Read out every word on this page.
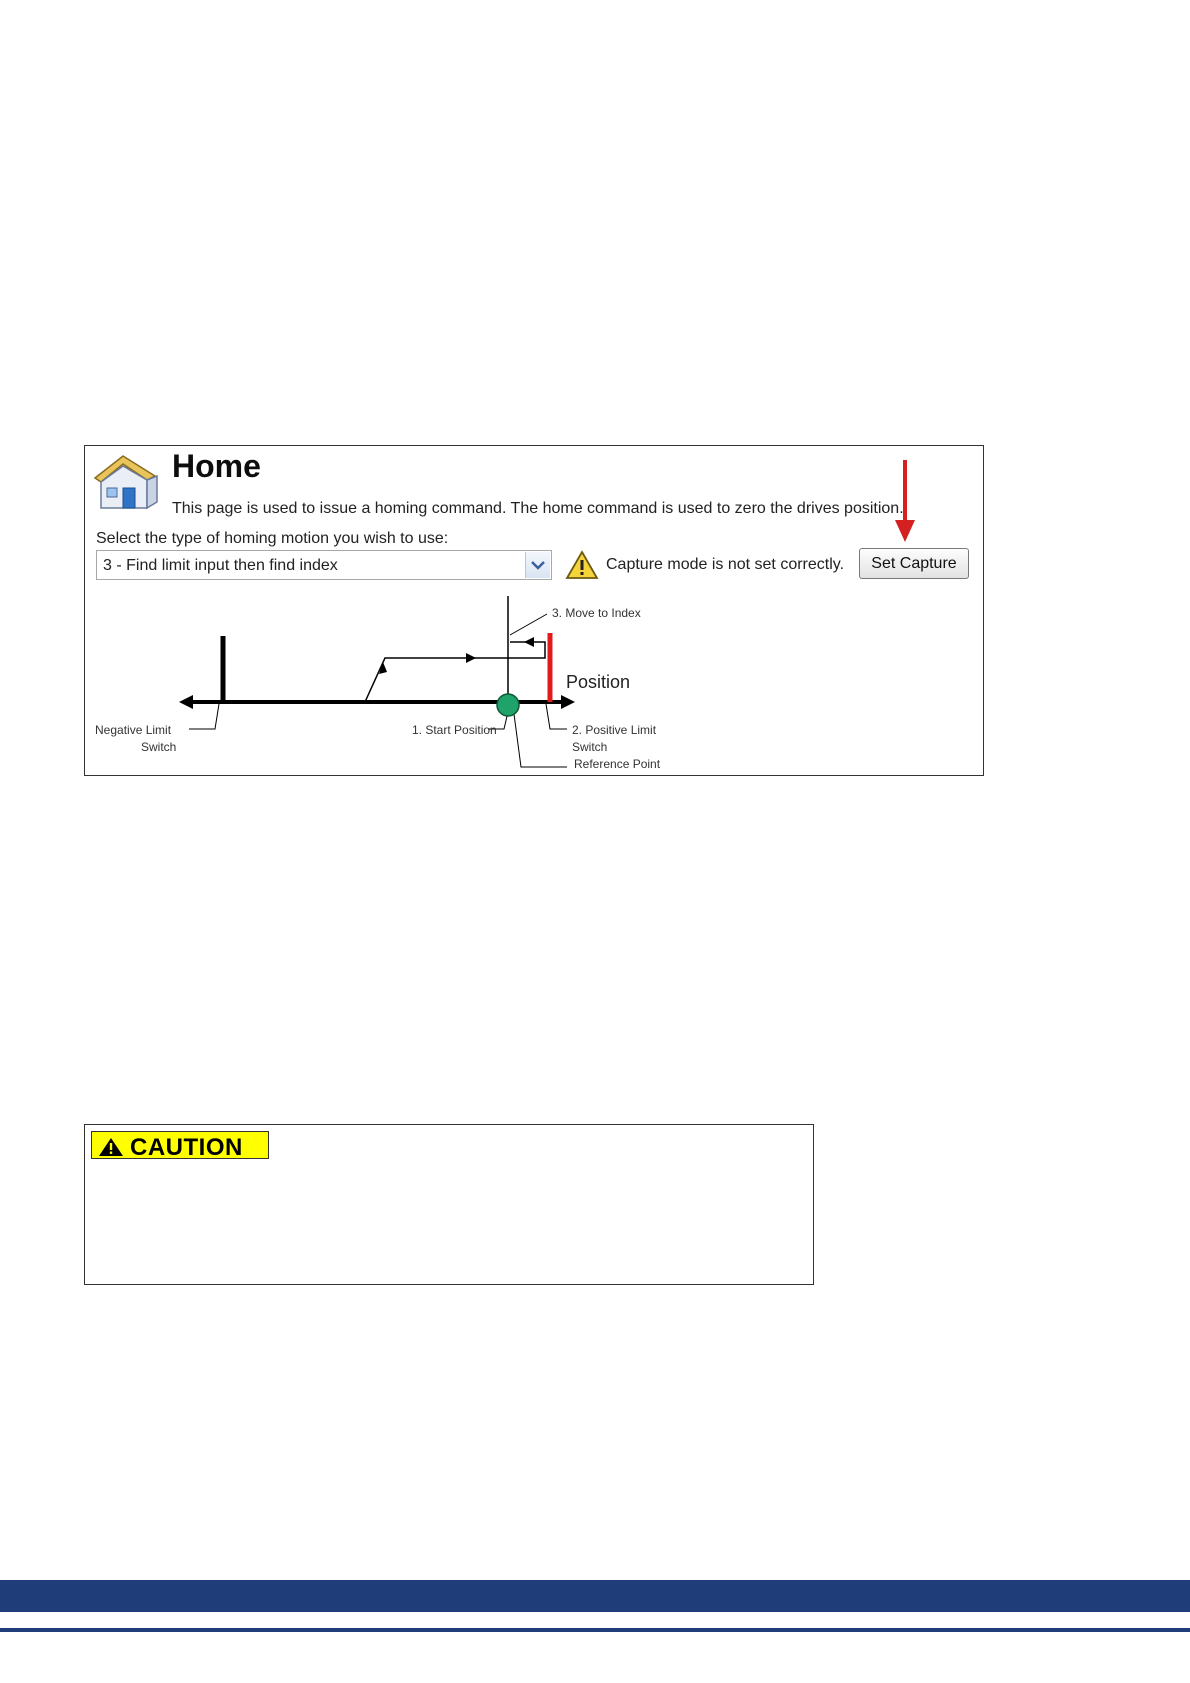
Home
This page is used to issue a homing command. The home command is used to zero the drives position.
Select the type of homing motion you wish to use:
3 - Find limit input then find index	Capture mode is not set correctly.	Set Capture
3. Move to Index
Position
Negative Limit
Switch
1. Start Position	2. Positive Limit
Switch
Reference Point
CAUTION
